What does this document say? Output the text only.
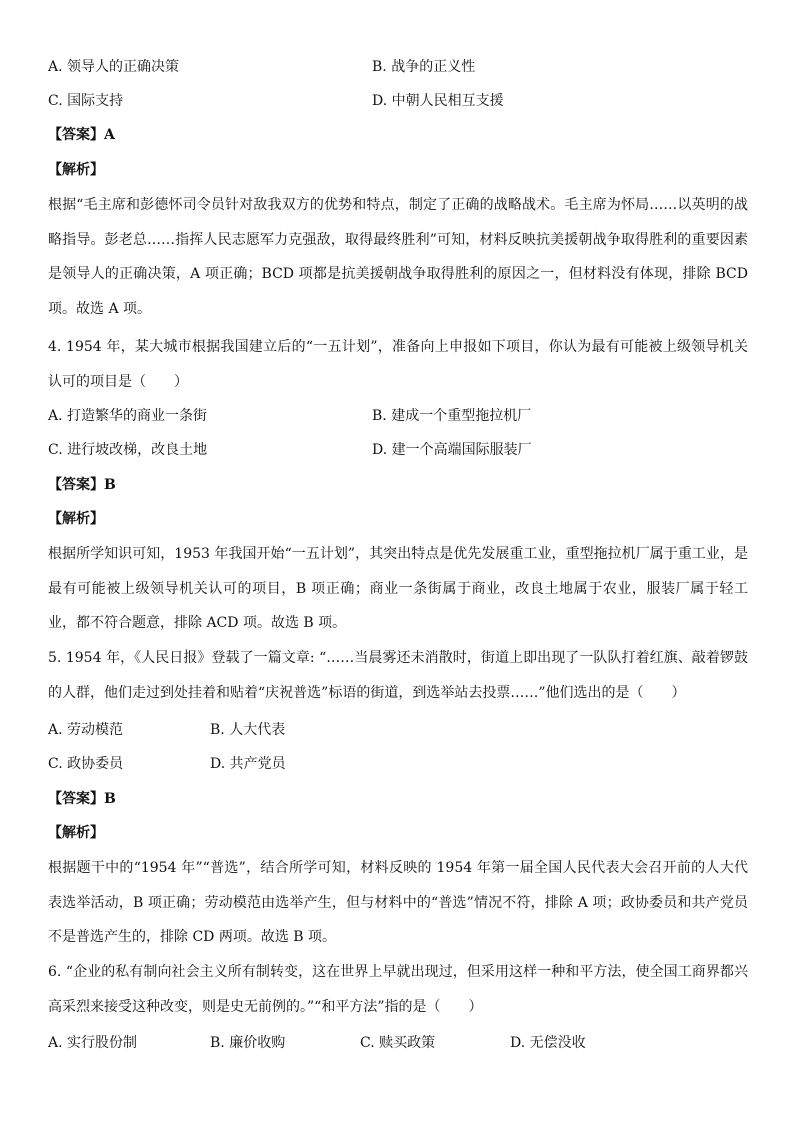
A. 领导人的正确决策	B. 战争的正义性
C. 国际支持	D. 中朝人民相互支援
【答案】A
【解析】
根据“毛主席和彭德怀司令员针对敌我双方的优势和特点，制定了正确的战略战术。毛主席为怀局……以英明的战略指导。彭老总……指挥人民志愿军力克强敌，取得最终胜利”可知，材料反映抗美援朝战争取得胜利的重要因素是领导人的正确决策，A 项正确；BCD 项都是抗美援朝战争取得胜利的原因之一，但材料没有体现，排除 BCD 项。故选 A 项。
4. 1954 年，某大城市根据我国建立后的“一五计划”，准备向上申报如下项目，你认为最有可能被上级领导机关认可的项目是（　　）
A. 打造繁华的商业一条街	B. 建成一个重型拖拉机厂
C. 进行坡改梯，改良土地	D. 建一个高端国际服装厂
【答案】B
【解析】
根据所学知识可知，1953 年我国开始“一五计划”，其突出特点是优先发展重工业，重型拖拉机厂属于重工业，是最有可能被上级领导机关认可的项目，B 项正确；商业一条街属于商业，改良土地属于农业，服装厂属于轻工业，都不符合题意，排除 ACD 项。故选 B 项。
5. 1954 年，《人民日报》登载了一篇文章: “……当晨雾还未消散时，街道上即出现了一队队打着红旗、敲着锣鼓的人群，他们走过到处挂着和贴着“庆祝普选”标语的街道，到选举站去投票……”他们选出的是（　　）
A. 劳动模范	B. 人大代表
C. 政协委员	D. 共产党员
【答案】B
【解析】
根据题干中的“1954 年”“普选”，结合所学可知，材料反映的 1954 年第一届全国人民代表大会召开前的人大代表选举活动，B 项正确；劳动模范由选举产生，但与材料中的“普选”情况不符，排除 A 项；政协委员和共产党员不是普选产生的，排除 CD 两项。故选 B 项。
6. “企业的私有制向社会主义所有制转变，这在世界上早就出现过，但采用这样一种和平方法，使全国工商界都兴高采烈来接受这种改变，则是史无前例的。”“和平方法”指的是（　　）
A. 实行股份制	B. 廉价收购	C. 赎买政策	D. 无偿没收
